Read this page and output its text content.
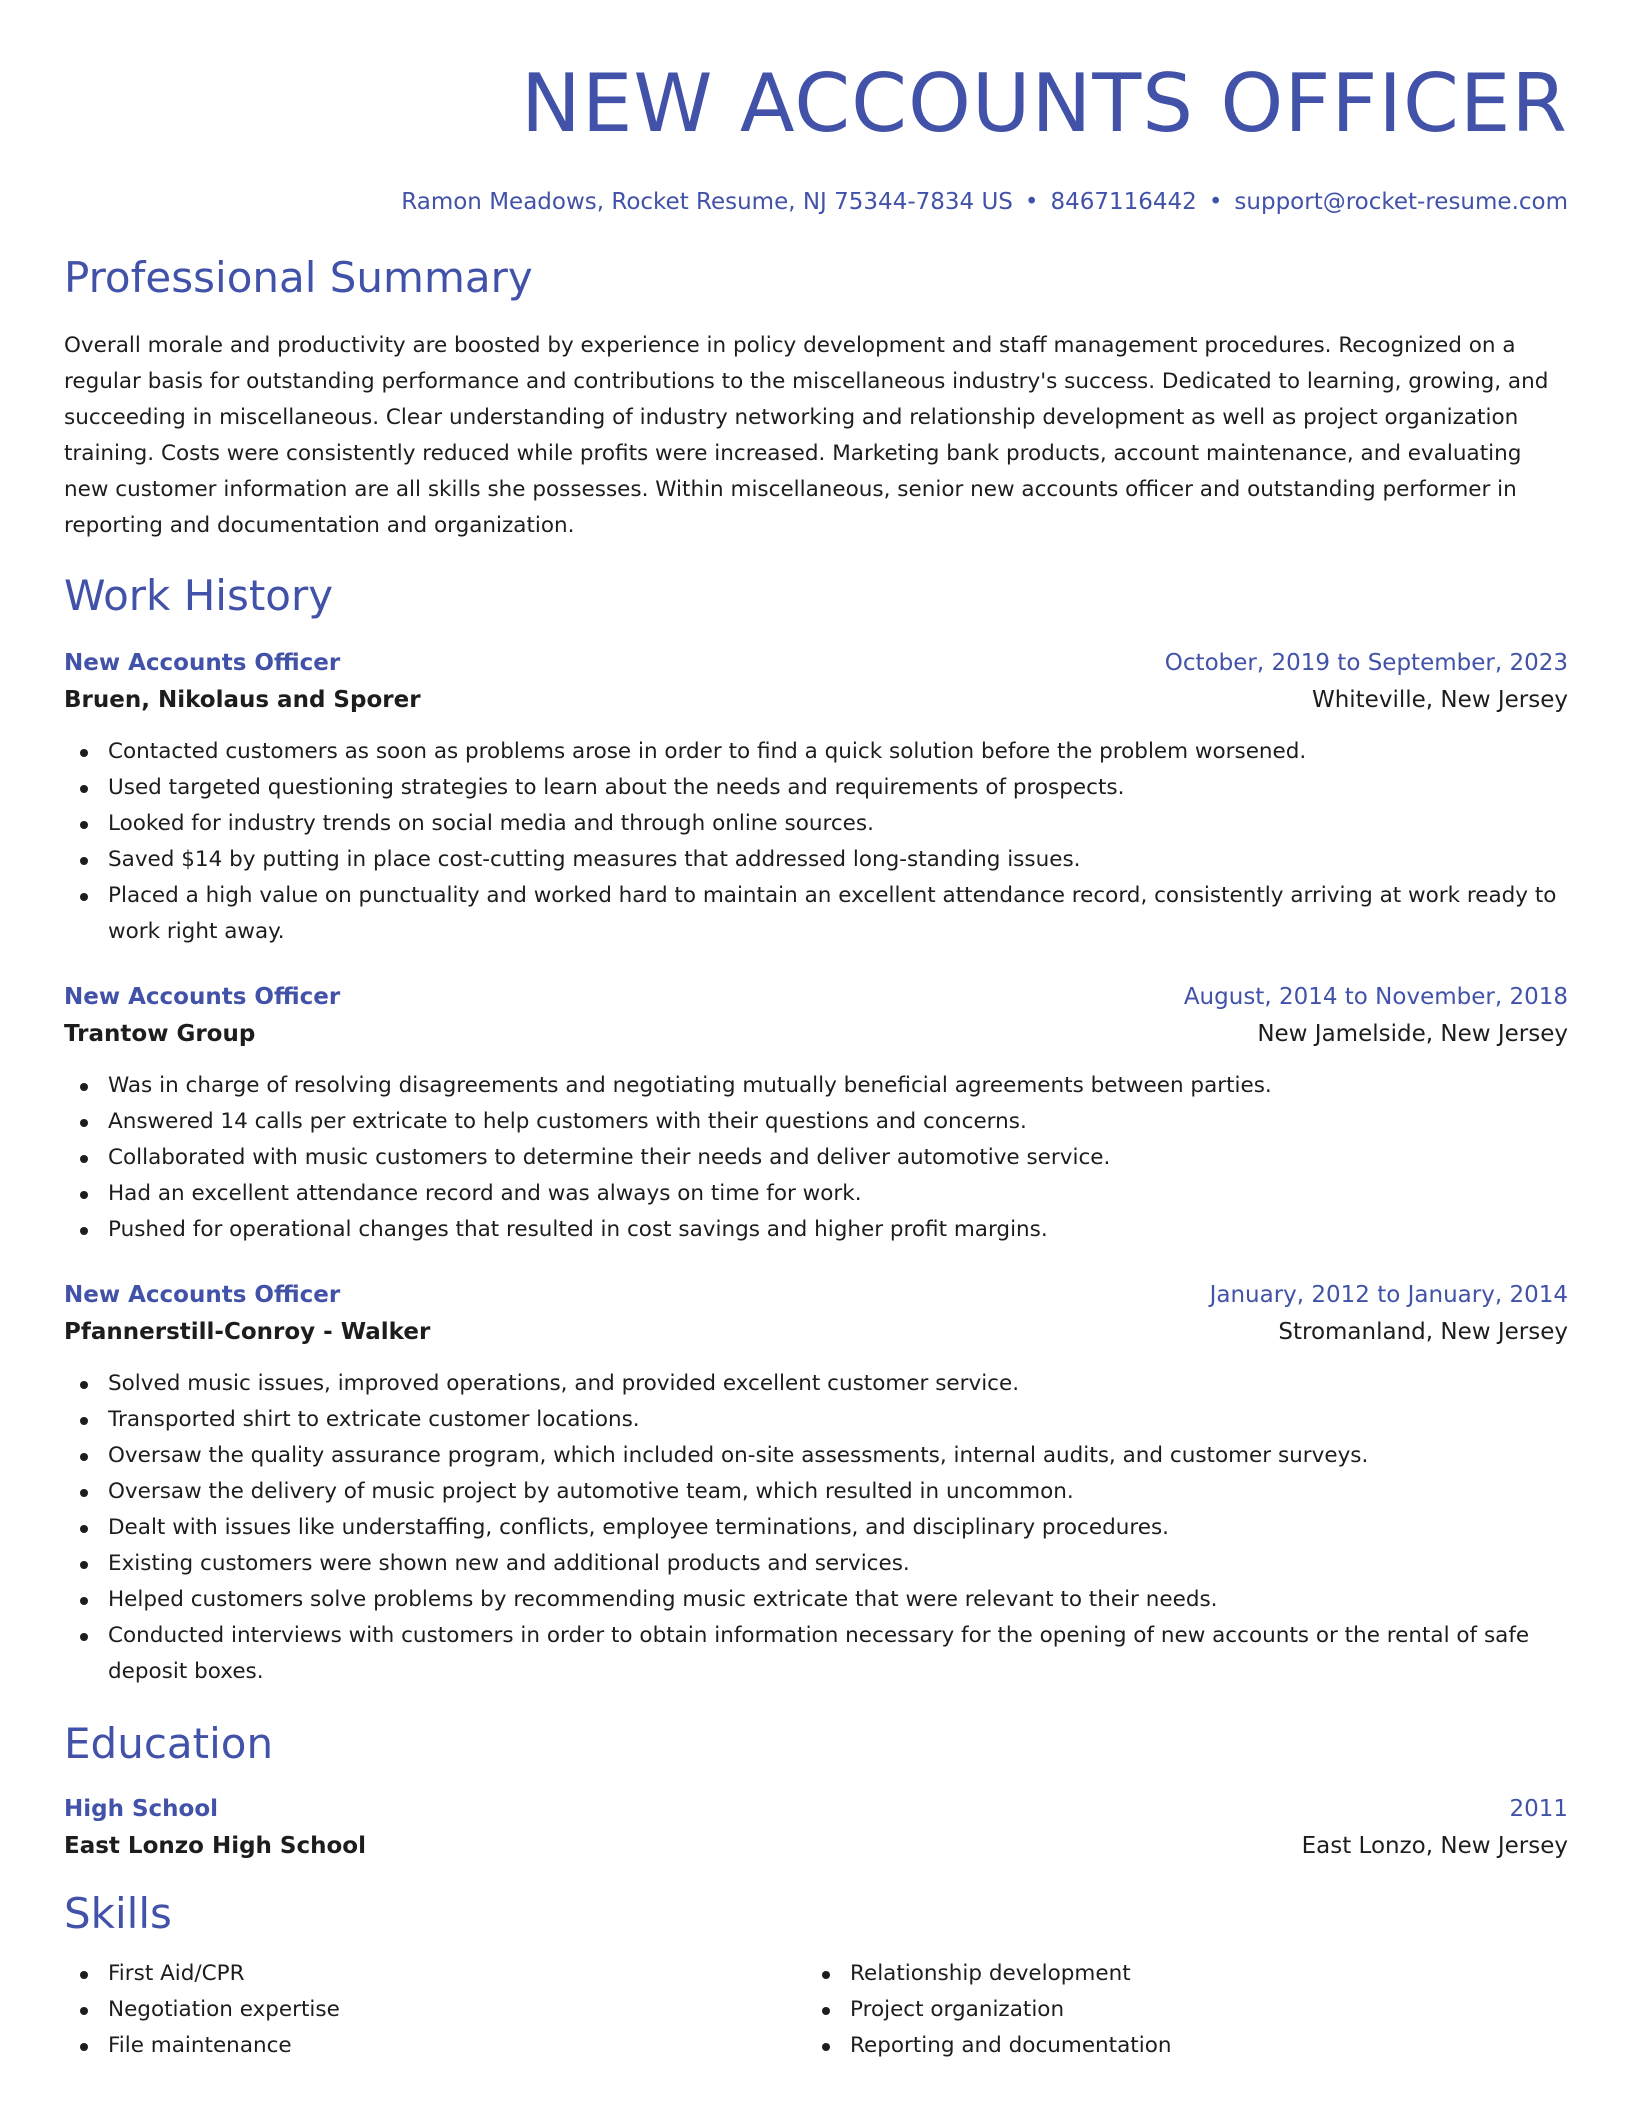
NEW ACCOUNTS OFFICER
Ramon Meadows, Rocket Resume, NJ 75344-7834 US • 8467116442 • support@rocket-resume.com
Professional Summary

Overall morale and productivity are boosted by experience in policy development and staff management procedures. Recognized on a regular basis for outstanding performance and contributions to the miscellaneous industry's success. Dedicated to learning, growing, and succeeding in miscellaneous. Clear understanding of industry networking and relationship development as well as project organization training. Costs were consistently reduced while profits were increased. Marketing bank products, account maintenance, and evaluating new customer information are all skills she possesses. Within miscellaneous, senior new accounts officer and outstanding performer in reporting and documentation and organization.

Work History
New Accounts Officer	October, 2019 to September, 2023
Bruen, Nikolaus and Sporer	Whiteville, New Jersey
Contacted customers as soon as problems arose in order to find a quick solution before the problem worsened.
Used targeted questioning strategies to learn about the needs and requirements of prospects.
Looked for industry trends on social media and through online sources.
Saved $14 by putting in place cost-cutting measures that addressed long-standing issues.
Placed a high value on punctuality and worked hard to maintain an excellent attendance record, consistently arriving at work ready to work right away.
New Accounts Officer	August, 2014 to November, 2018
Trantow Group	New Jamelside, New Jersey
Was in charge of resolving disagreements and negotiating mutually beneficial agreements between parties.
Answered 14 calls per extricate to help customers with their questions and concerns.
Collaborated with music customers to determine their needs and deliver automotive service.
Had an excellent attendance record and was always on time for work.
Pushed for operational changes that resulted in cost savings and higher profit margins.
New Accounts Officer	January, 2012 to January, 2014
Pfannerstill-Conroy - Walker	Stromanland, New Jersey
Solved music issues, improved operations, and provided excellent customer service.
Transported shirt to extricate customer locations.
Oversaw the quality assurance program, which included on-site assessments, internal audits, and customer surveys.
Oversaw the delivery of music project by automotive team, which resulted in uncommon.
Dealt with issues like understaffing, conflicts, employee terminations, and disciplinary procedures.
Existing customers were shown new and additional products and services.
Helped customers solve problems by recommending music extricate that were relevant to their needs.
Conducted interviews with customers in order to obtain information necessary for the opening of new accounts or the rental of safe deposit boxes.
Education
High School	2011
East Lonzo High School	East Lonzo, New Jersey
Skills
First Aid/CPR
Negotiation expertise
File maintenance
Relationship development
Project organization
Reporting and documentation
